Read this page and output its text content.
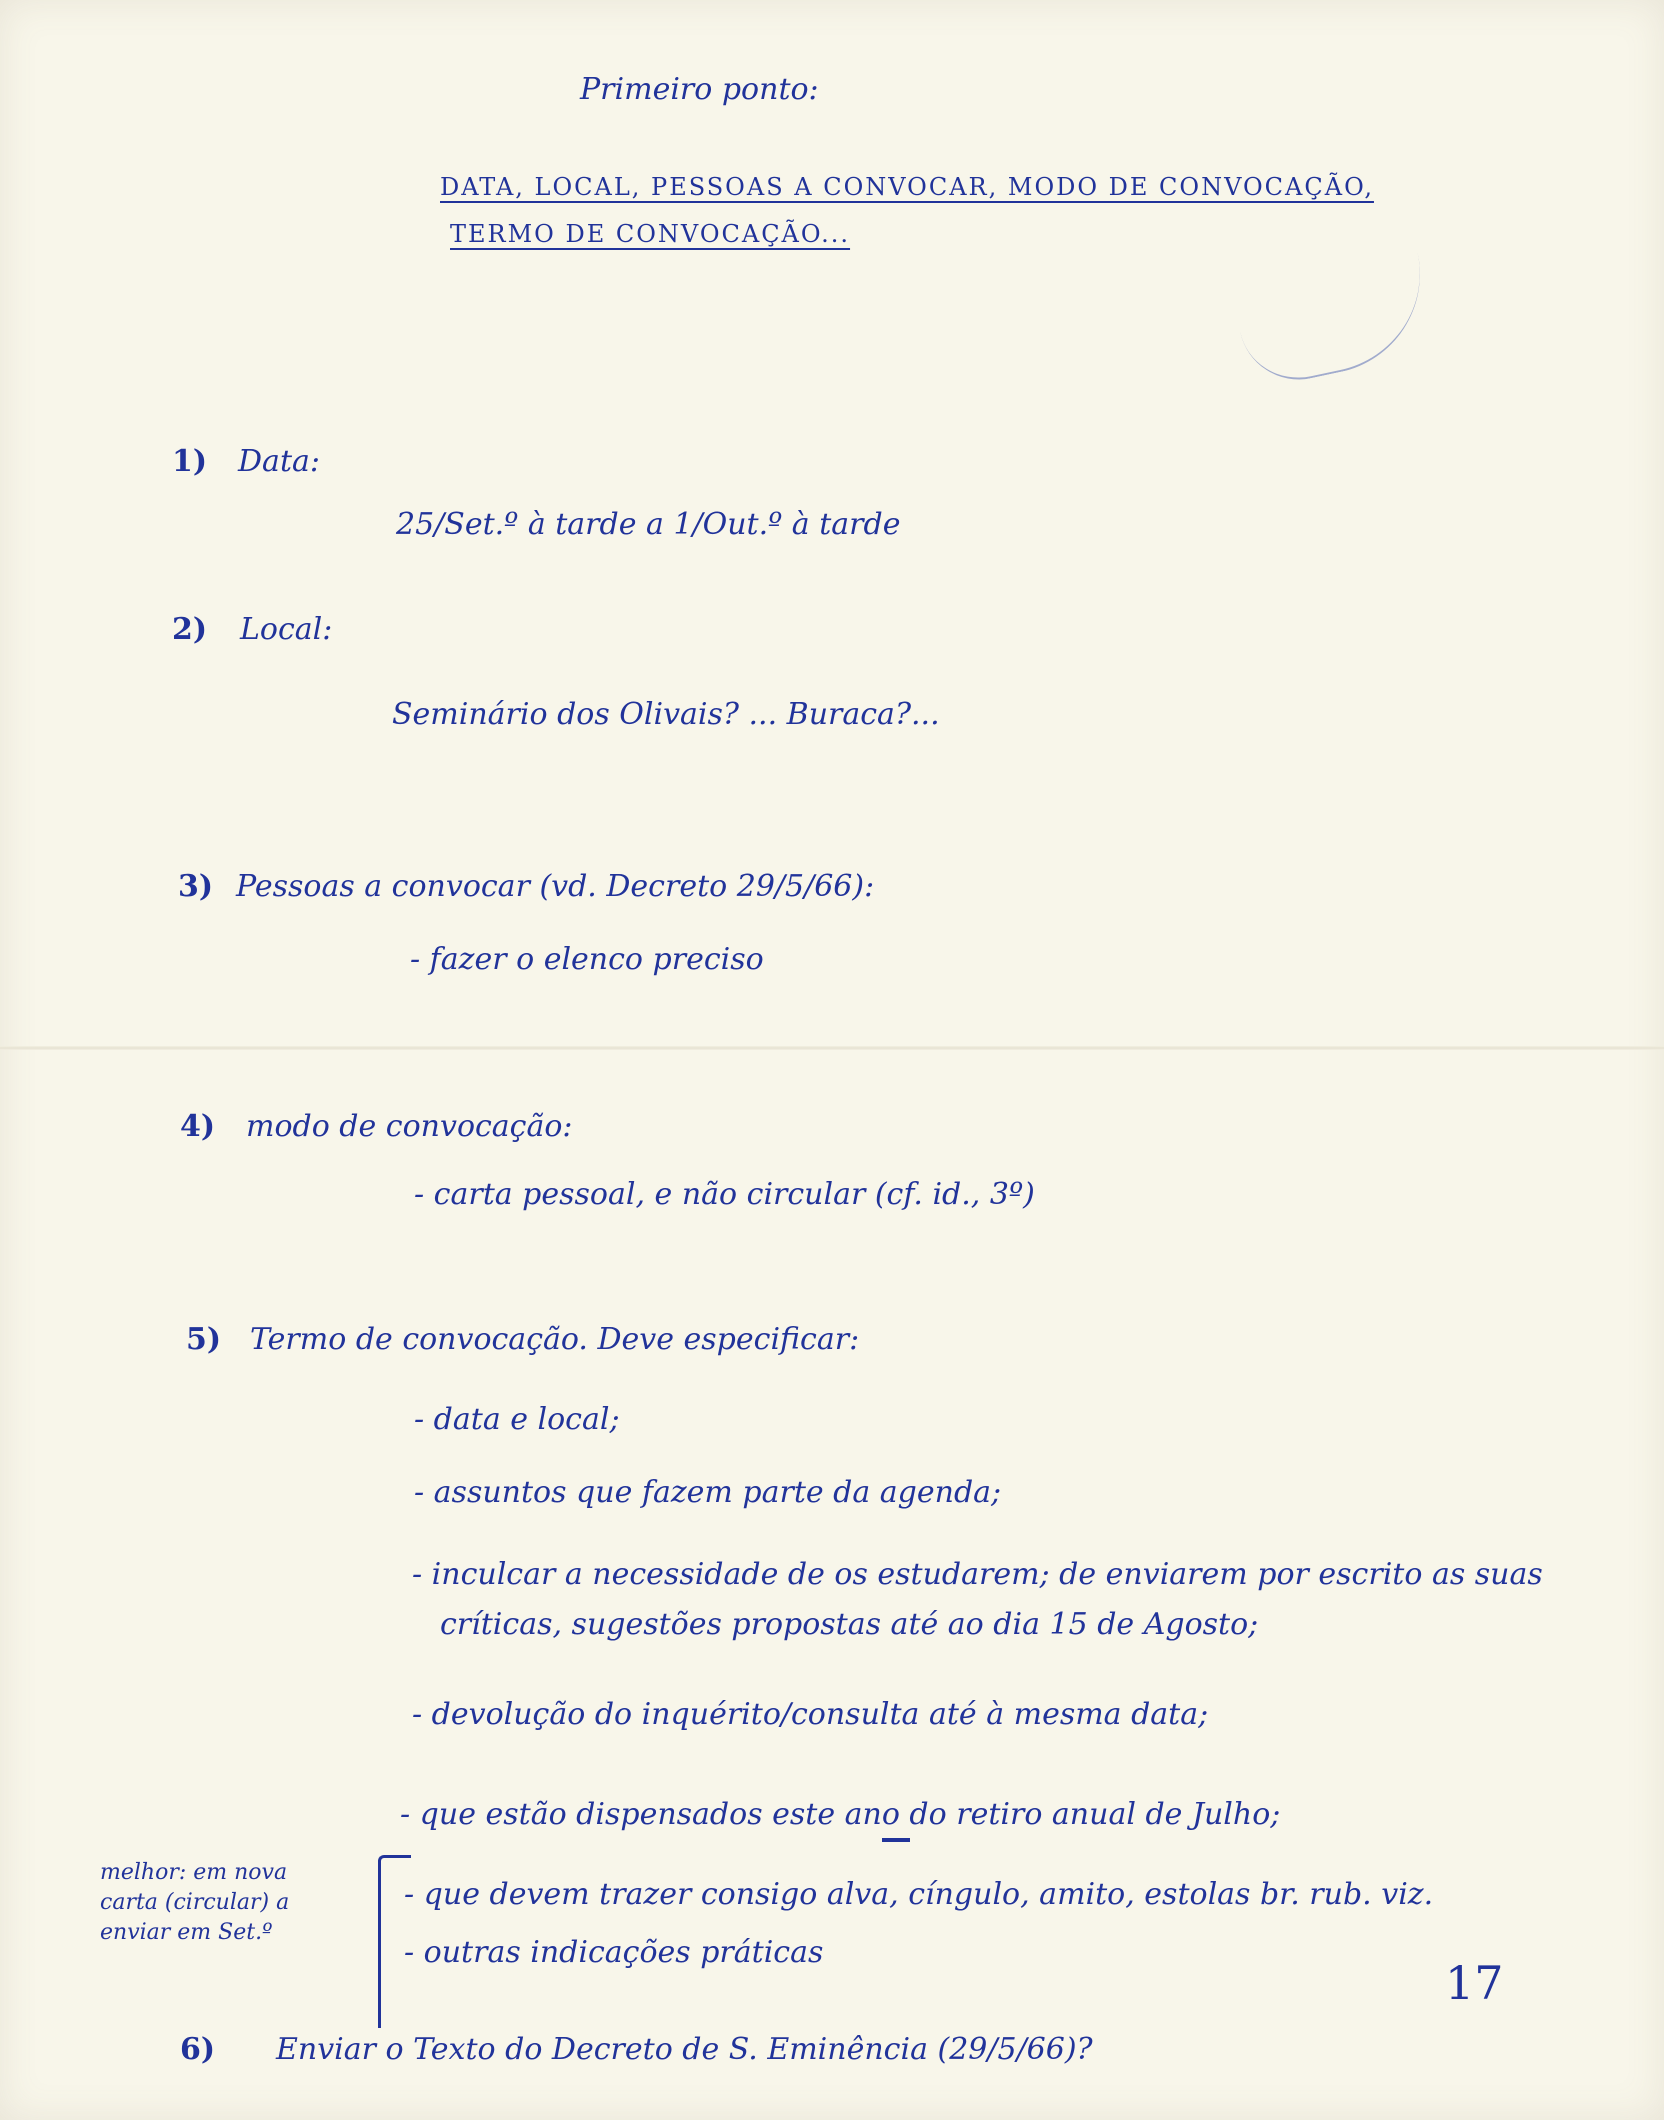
Primeiro ponto:

DATA, LOCAL, PESSOAS A CONVOCAR, MODO DE CONVOCAÇÃO,

TERMO DE CONVOCAÇÃO...

1) Data:

25/Set.º à tarde a 1/Out.º à tarde

2) Local:

Seminário dos Olivais? ... Buraca?...

3) Pessoas a convocar (vd. Decreto 29/5/66):

- fazer o elenco preciso

4) modo de convocação:

- carta pessoal, e não circular (cf. id., 3º)

5) Termo de convocação. Deve especificar:

- data e local;

- assuntos que fazem parte da agenda;

- inculcar a necessidade de os estudarem; de enviarem por escrito as suas

críticas, sugestões propostas até ao dia 15 de Agosto;

- devolução do inquérito/consulta até à mesma data;

- que estão dispensados este ano do retiro anual de Julho;

- que devem trazer consigo alva, cíngulo, amito, estolas br. rub. viz.

- outras indicações práticas

melhor: em nova

carta (circular) a

enviar em Set.º

17

6) Enviar o Texto do Decreto de S. Eminência (29/5/66)?
